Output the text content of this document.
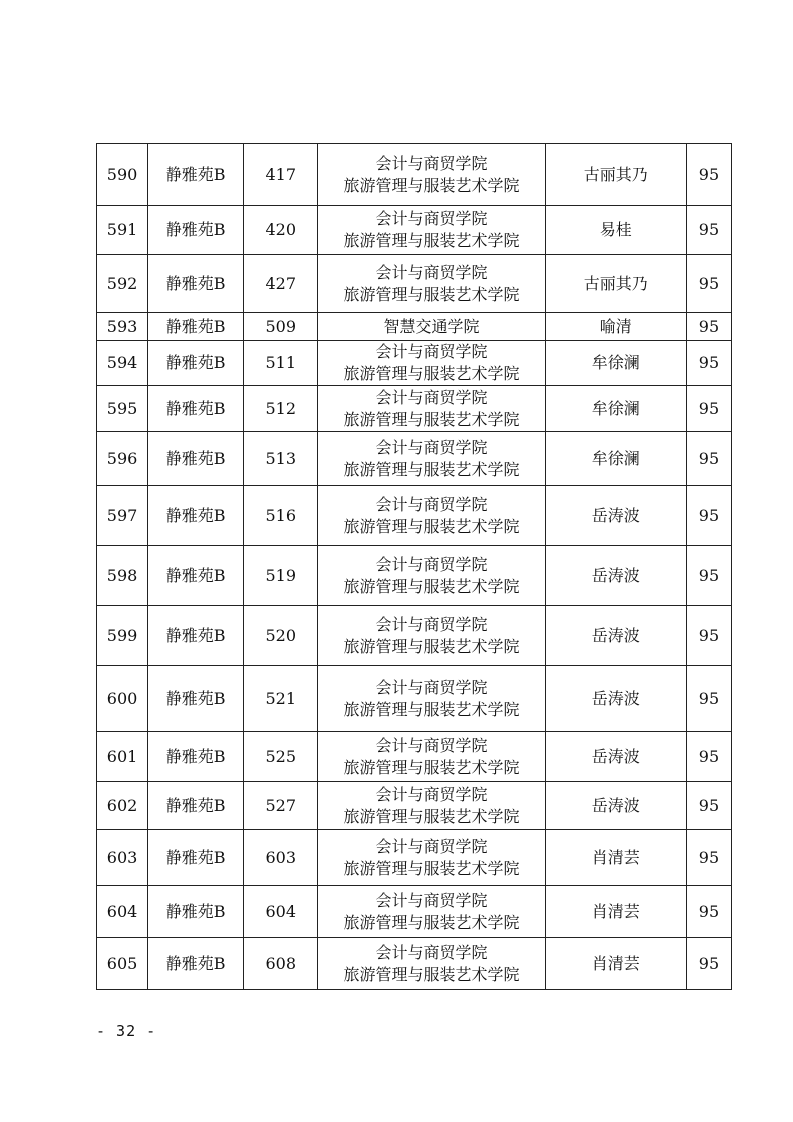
590	静雅苑B	417	会计与商贸学院
旅游管理与服装艺术学院	古丽其乃	95
591	静雅苑B	420	会计与商贸学院
旅游管理与服装艺术学院	易桂	95
592	静雅苑B	427	会计与商贸学院
旅游管理与服装艺术学院	古丽其乃	95
593	静雅苑B	509	智慧交通学院	喻清	95
594	静雅苑B	511	会计与商贸学院
旅游管理与服装艺术学院	牟徐澜	95
595	静雅苑B	512	会计与商贸学院
旅游管理与服装艺术学院	牟徐澜	95
596	静雅苑B	513	会计与商贸学院
旅游管理与服装艺术学院	牟徐澜	95
597	静雅苑B	516	会计与商贸学院
旅游管理与服装艺术学院	岳涛波	95
598	静雅苑B	519	会计与商贸学院
旅游管理与服装艺术学院	岳涛波	95
599	静雅苑B	520	会计与商贸学院
旅游管理与服装艺术学院	岳涛波	95
600	静雅苑B	521	会计与商贸学院
旅游管理与服装艺术学院	岳涛波	95
601	静雅苑B	525	会计与商贸学院
旅游管理与服装艺术学院	岳涛波	95
602	静雅苑B	527	会计与商贸学院
旅游管理与服装艺术学院	岳涛波	95
603	静雅苑B	603	会计与商贸学院
旅游管理与服装艺术学院	肖清芸	95
604	静雅苑B	604	会计与商贸学院
旅游管理与服装艺术学院	肖清芸	95
605	静雅苑B	608	会计与商贸学院
旅游管理与服装艺术学院	肖清芸	95
- 32 -
